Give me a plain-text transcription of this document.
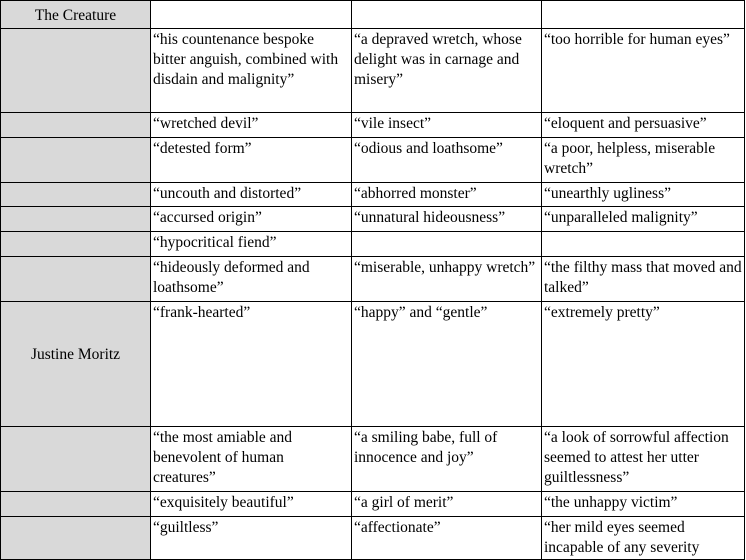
The Creature			
	“his countenance bespoke bitter anguish, combined with disdain and malignity”	“a depraved wretch, whose delight was in carnage and misery”	“too horrible for human eyes”
	“wretched devil”	“vile insect”	“eloquent and persuasive”
	“detested form”	“odious and loathsome”	“a poor, helpless, miserable wretch”
	“uncouth and distorted”	“abhorred monster”	“unearthly ugliness”
	“accursed origin”	“unnatural hideousness”	“unparalleled malignity”
	“hypocritical fiend”		
	“hideously deformed and loathsome”	“miserable, unhappy wretch”	“the filthy mass that moved and talked”
Justine Moritz	“frank-hearted”	“happy” and “gentle”	“extremely pretty”
	“the most amiable and benevolent of human creatures”	“a smiling babe, full of innocence and joy”	“a look of sorrowful affection seemed to attest her utter guiltlessness”
	“exquisitely beautiful”	“a girl of merit”	“the unhappy victim”
	“guiltless”	“affectionate”	“her mild eyes seemed incapable of any severity
